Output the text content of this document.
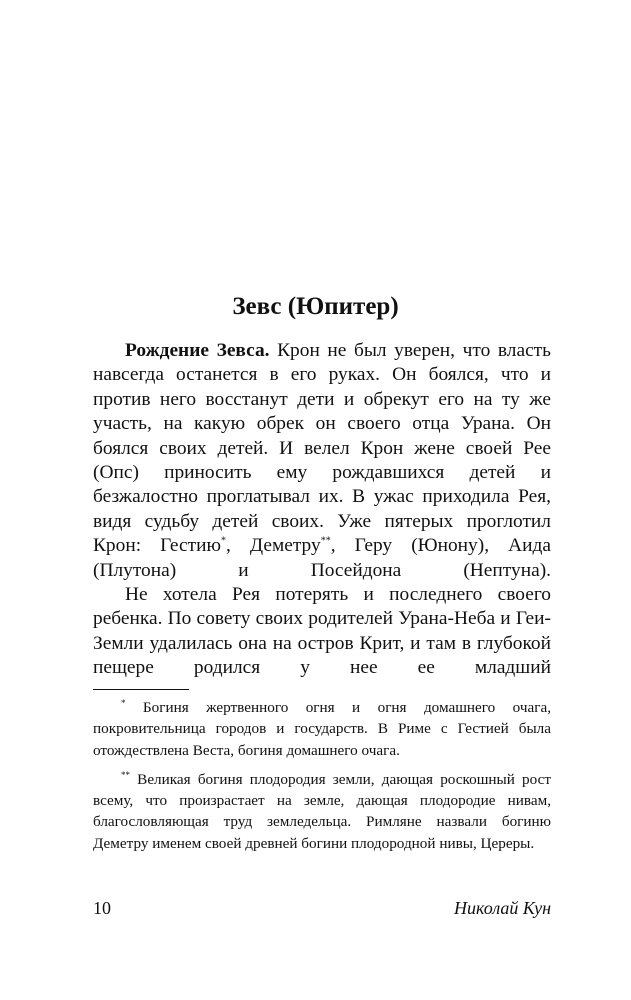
Зевс (Юпитер)

Рождение Зевса. Крон не был уверен, что власть навсегда останется в его руках. Он боялся, что и против него восстанут дети и обрекут его на ту же участь, на какую обрек он своего отца Урана. Он боялся своих детей. И велел Крон жене своей Рее (Опс) приносить ему рождавшихся детей и безжалостно проглатывал их. В ужас приходила Рея, видя судьбу детей своих. Уже пятерых проглотил Крон: Гестию*, Деметру**, Геру (Юнону), Аида (Плутона) и Посейдона (Нептуна).

Не хотела Рея потерять и последнего своего ребенка. По совету своих родителей Урана-Неба и Геи-Земли удалилась она на остров Крит, и там в глубокой пещере родился у нее ее младший

* Богиня жертвенного огня и огня домашнего очага, покровительница городов и государств. В Риме с Гестией была отождествлена Веста, богиня домашнего очага.

** Великая богиня плодородия земли, дающая роскошный рост всему, что произрастает на земле, дающая плодородие нивам, благословляющая труд земледельца. Римляне назвали богиню Деметру именем своей древней богини плодородной нивы, Цереры.

10	Николай Кун
